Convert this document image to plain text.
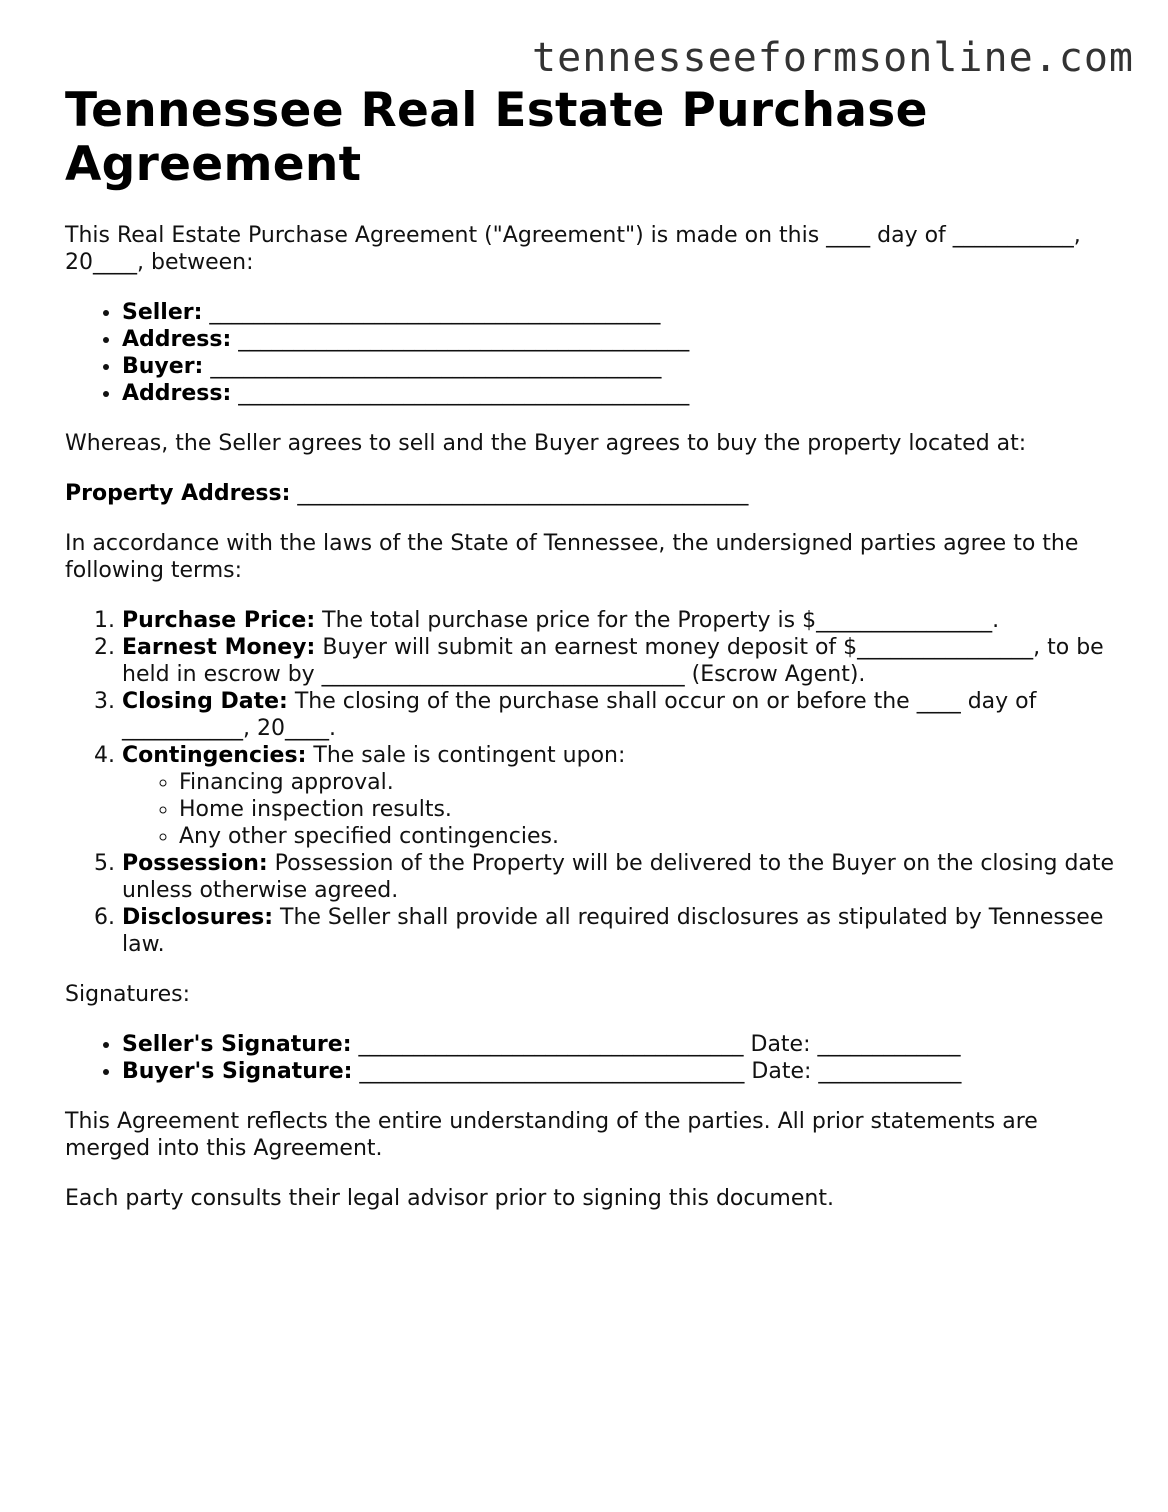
tennesseeformsonline.com
Tennessee Real Estate Purchase Agreement

This Real Estate Purchase Agreement ("Agreement") is made on this ____ day of ___________, 20____, between:

• Seller: _________________________________________
• Address: _________________________________________
• Buyer: _________________________________________
• Address: _________________________________________

Whereas, the Seller agrees to sell and the Buyer agrees to buy the property located at:

Property Address: _________________________________________

In accordance with the laws of the State of Tennessee, the undersigned parties agree to the following terms:

1. Purchase Price: The total purchase price for the Property is $________________.
2. Earnest Money: Buyer will submit an earnest money deposit of $________________, to be held in escrow by _________________________________ (Escrow Agent).
3. Closing Date: The closing of the purchase shall occur on or before the ____ day of ___________, 20____.
4. Contingencies: The sale is contingent upon:
◦ Financing approval.
◦ Home inspection results.
◦ Any other specified contingencies.
5. Possession: Possession of the Property will be delivered to the Buyer on the closing date unless otherwise agreed.
6. Disclosures: The Seller shall provide all required disclosures as stipulated by Tennessee law.

Signatures:

• Seller's Signature: ___________________________________ Date: _____________
• Buyer's Signature: ___________________________________ Date: _____________

This Agreement reflects the entire understanding of the parties. All prior statements are merged into this Agreement.

Each party consults their legal advisor prior to signing this document.
